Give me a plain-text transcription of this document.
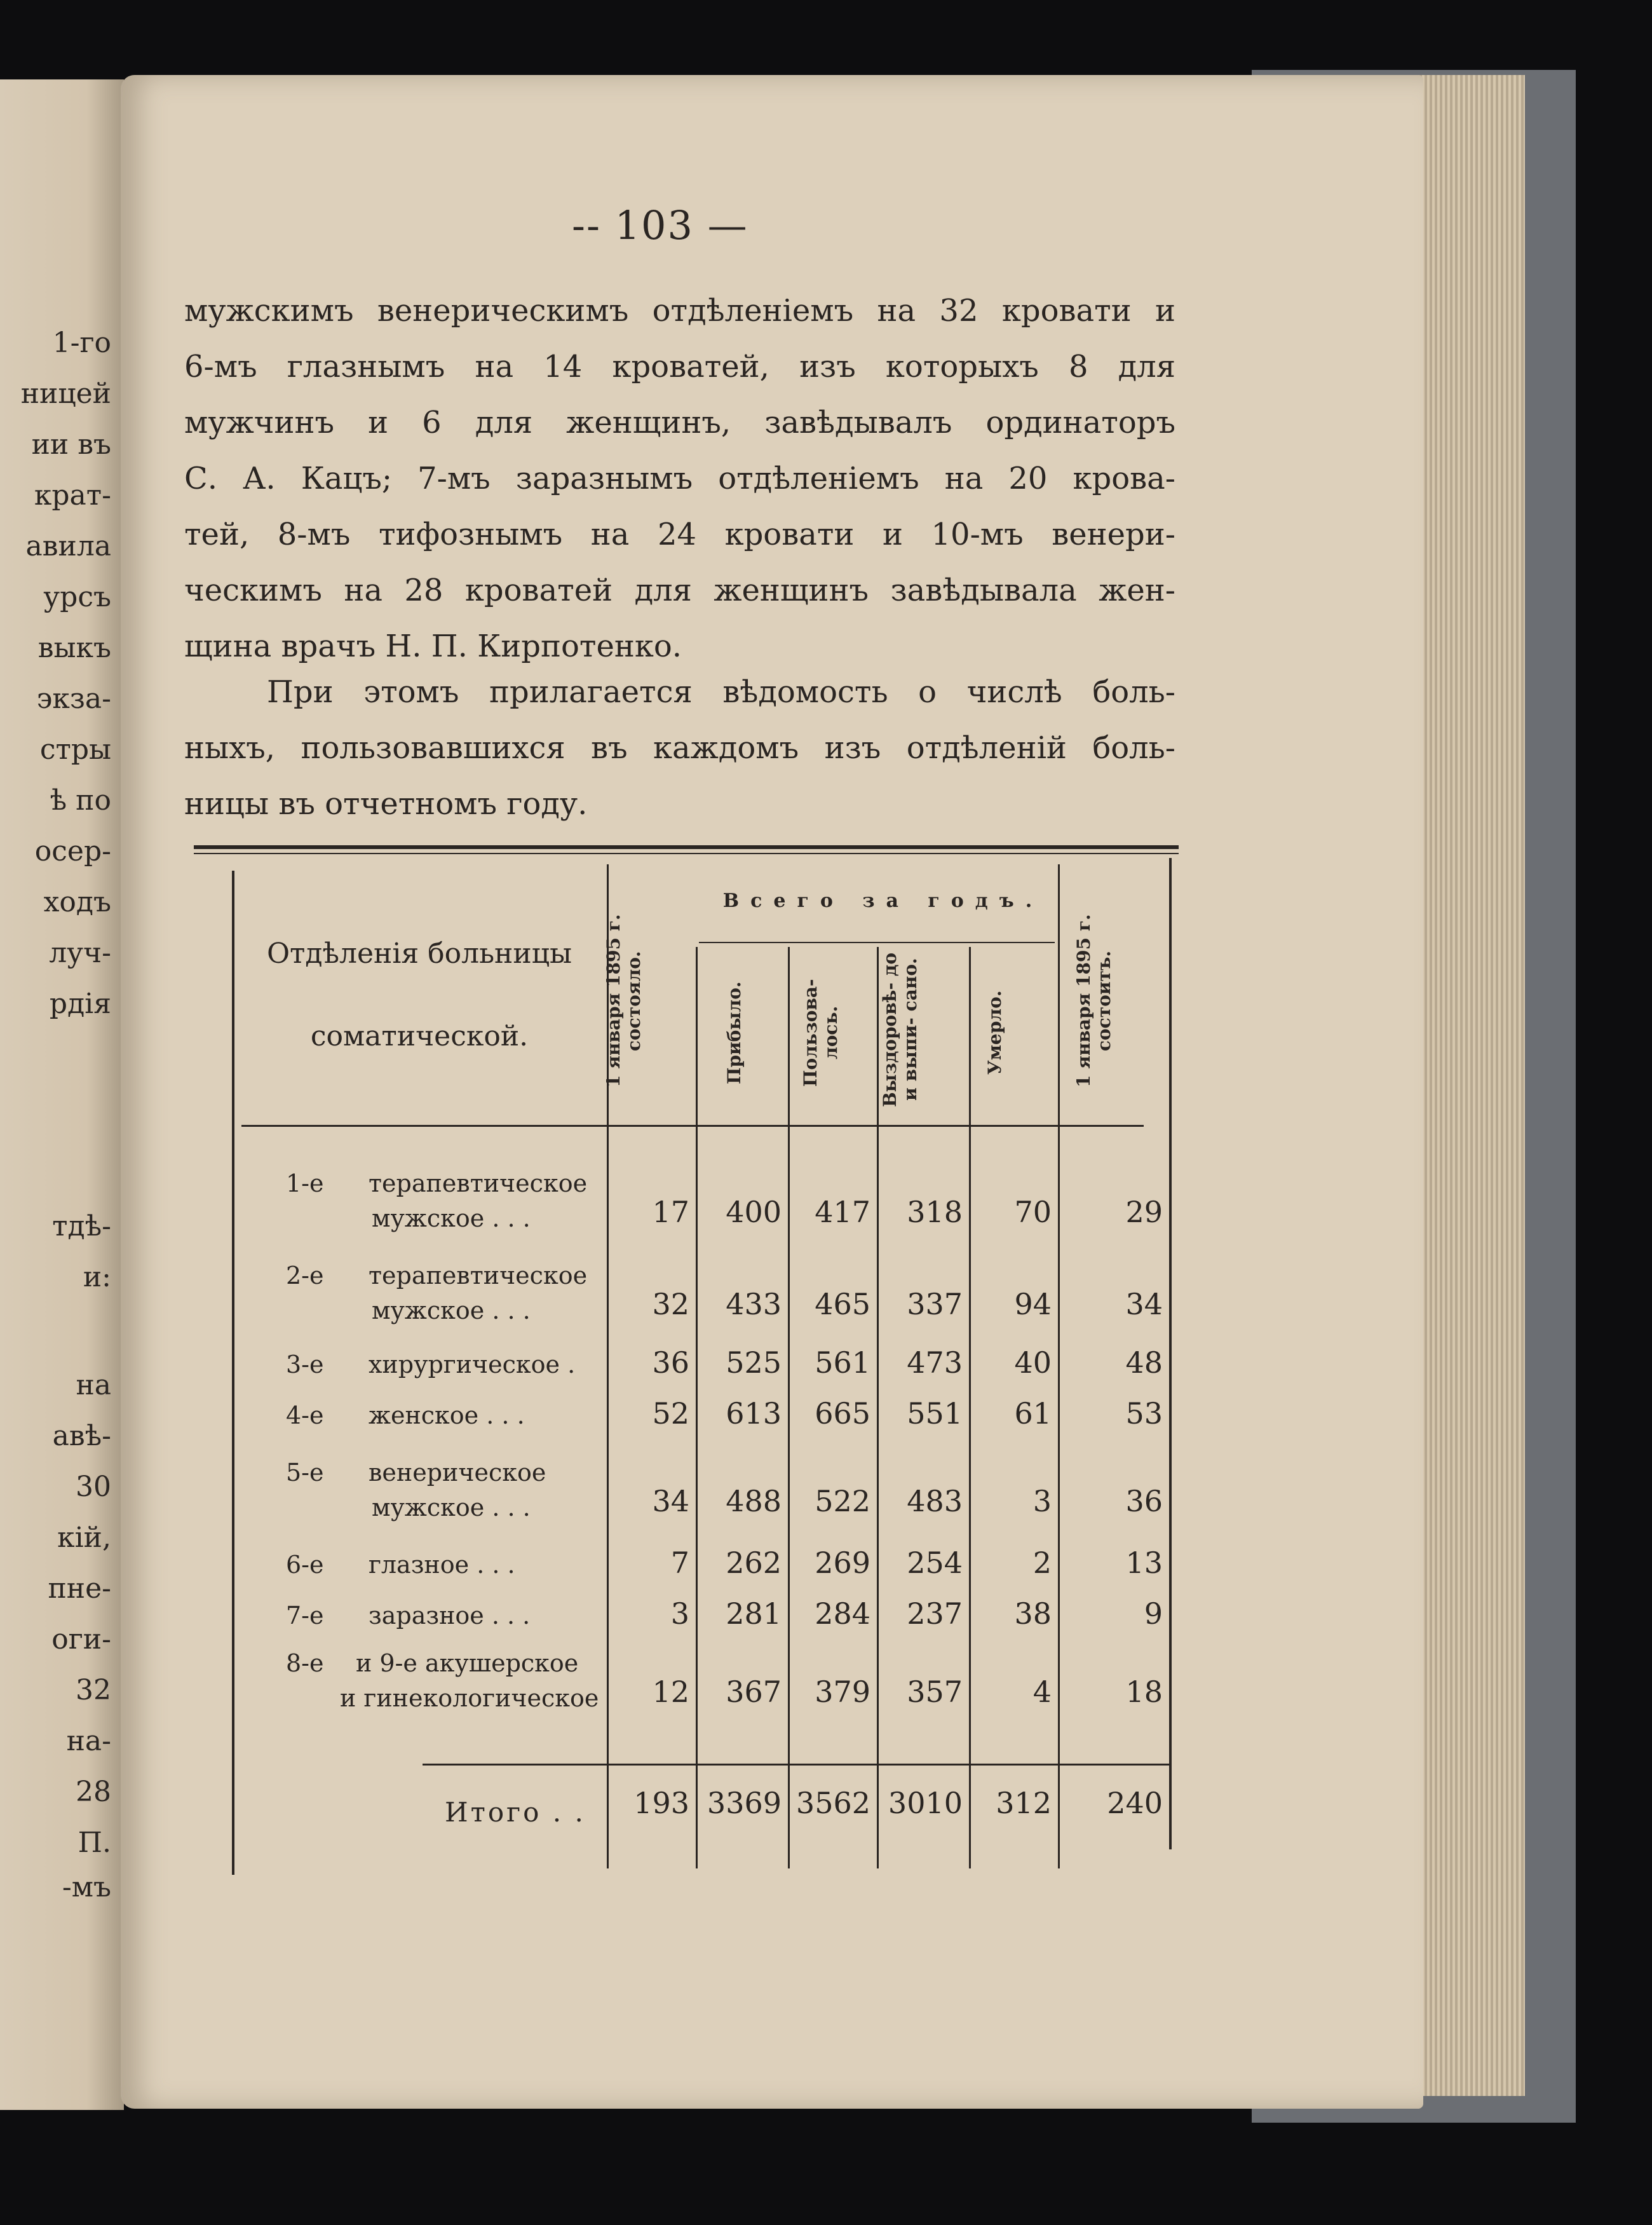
1-го
ницей
ии въ
крат-
авила
урсъ
выкъ
экза-
стры
ѣ по
осер-
ходъ
луч-
рдія
тдѣ-
и:
на
авѣ-
30
кій,
пне-
оги-
32
на-
28
П.
-мъ
-- 103 —
мужскимъ венерическимъ отдѣленіемъ на 32 кровати и
6-мъ глазнымъ на 14 кроватей, изъ которыхъ 8 для
мужчинъ и 6 для женщинъ, завѣдывалъ ординаторъ
С. А. Кацъ; 7-мъ заразнымъ отдѣленіемъ на 20 крова-
тей, 8-мъ тифознымъ на 24 кровати и 10-мъ венери-
ческимъ на 28 кроватей для женщинъ завѣдывала жен-
щина врачъ Н. П. Кирпотенко.
При этомъ прилагается вѣдомость о числѣ боль-
ныхъ, пользовавшихся въ каждомъ изъ отдѣленій боль-
ницы въ отчетномъ году.
Отдѣленія больницы
соматической.
Всего за годъ.
1 января 1895 г. состояло.	Прибыло.	Пользова- лось.	Выздоровѣ- до и выпи- сано.	Умерло.	1 января 1895 г. состоитъ.
1-е терапевтическое
мужское . . .	17	400	417	318	70	29
2-е терапевтическое
мужское . . .	32	433	465	337	94	34
3-е хирургическое .	36	525	561	473	40	48
4-е женское . . .	52	613	665	551	61	53
5-е венерическое
мужское . . .	34	488	522	483	3	36
6-е глазное . . .	7	262	269	254	2	13
7-е заразное . . .	3	281	284	237	38	9
8-е и 9-е акушерское
и гинекологическое	12	367	379	357	4	18
Итого . .	193 3369 3562 3010	312	240
